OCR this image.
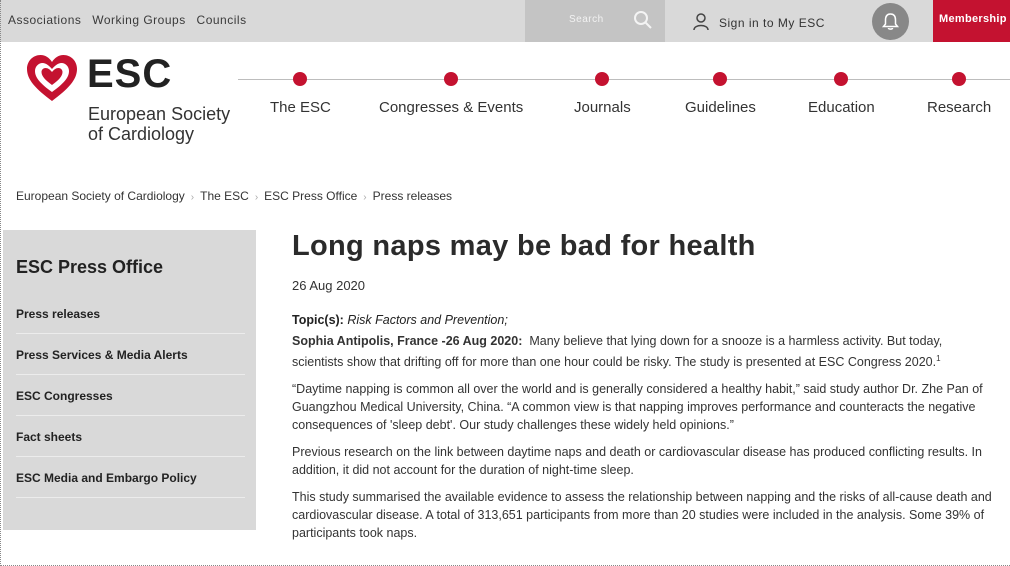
Associations Working Groups Councils	Search	Sign in to My ESC	Membership
ESC
European Society
of Cardiology
The ESC	Congresses & Events	Journals	Guidelines	Education	Research
European Society of Cardiology › The ESC › ESC Press Office › Press releases
ESC Press Office
Press releases
Press Services & Media Alerts
ESC Congresses
Fact sheets
ESC Media and Embargo Policy
Long naps may be bad for health
26 Aug 2020
Topic(s): Risk Factors and Prevention;

Sophia Antipolis, France -26 Aug 2020: Many believe that lying down for a snooze is a harmless activity. But today, scientists show that drifting off for more than one hour could be risky. The study is presented at ESC Congress 2020.$^1$

“Daytime napping is common all over the world and is generally considered a healthy habit,” said study author Dr. Zhe Pan of Guangzhou Medical University, China. “A common view is that napping improves performance and counteracts the negative consequences of 'sleep debt'. Our study challenges these widely held opinions.”

Previous research on the link between daytime naps and death or cardiovascular disease has produced conflicting results. In addition, it did not account for the duration of night-time sleep.

This study summarised the available evidence to assess the relationship between napping and the risks of all-cause death and cardiovascular disease. A total of 313,651 participants from more than 20 studies were included in the analysis. Some 39% of participants took naps.
